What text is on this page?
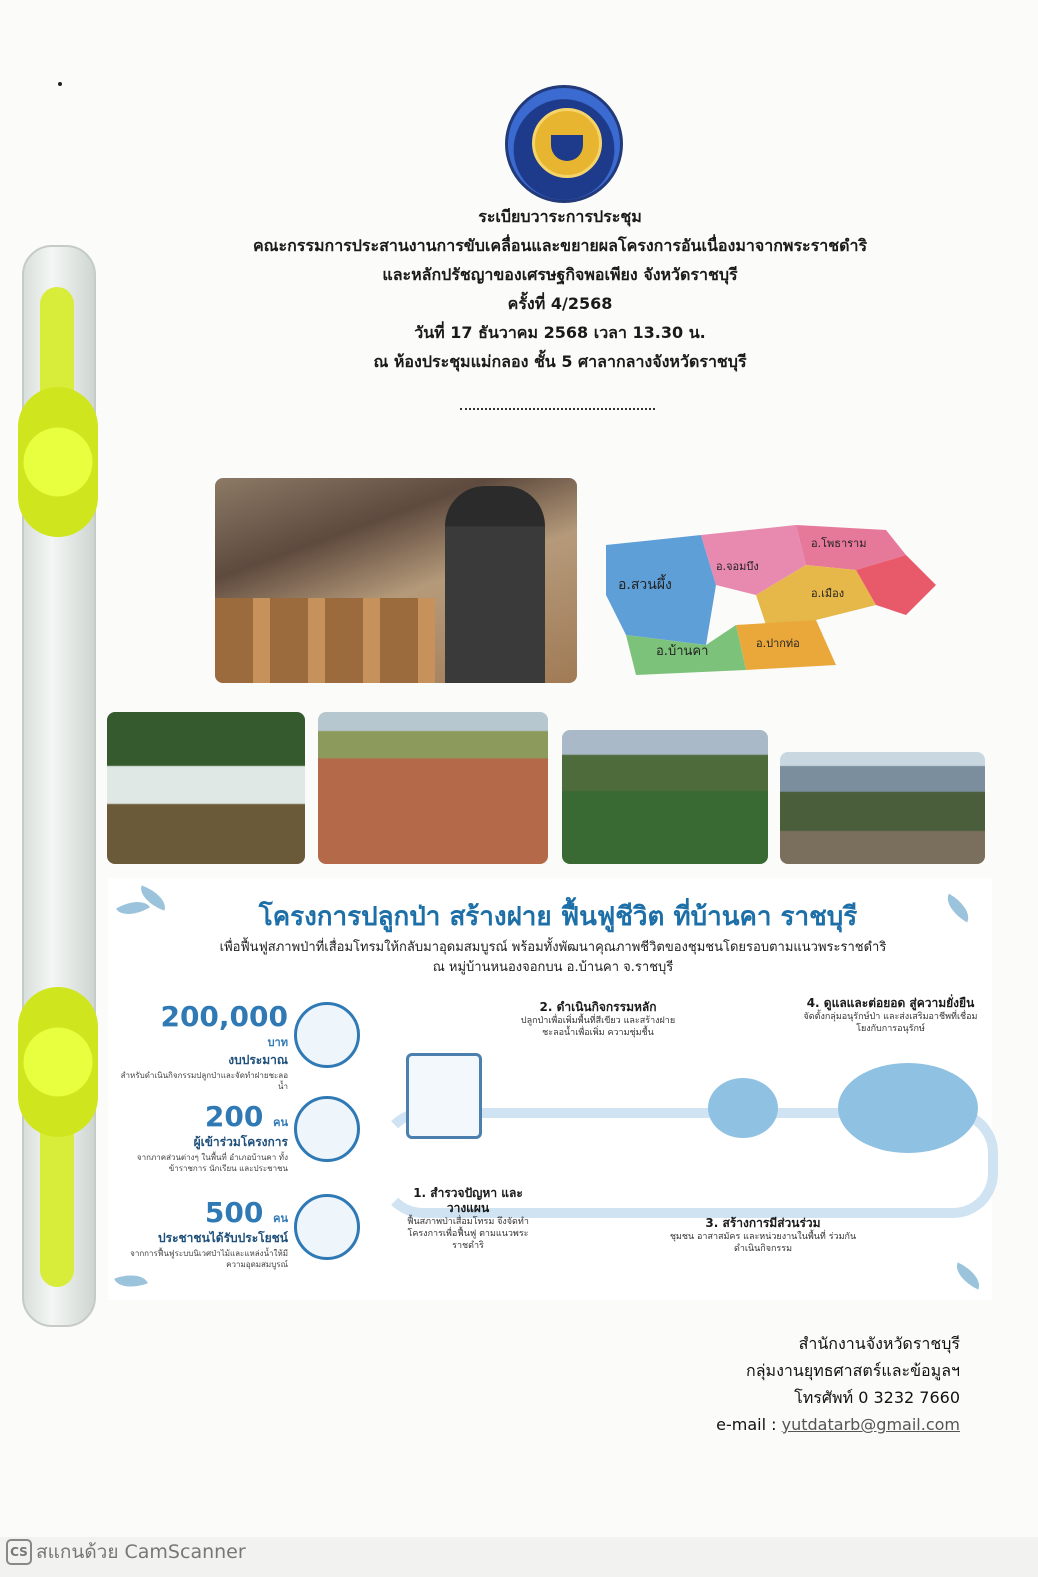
ระเบียบวาระการประชุม
คณะกรรมการประสานงานการขับเคลื่อนและขยายผลโครงการอันเนื่องมาจากพระราชดำริ
และหลักปรัชญาของเศรษฐกิจพอเพียง จังหวัดราชบุรี
ครั้งที่ 4/2568
วันที่ 17 ธันวาคม 2568 เวลา 13.30 น.
ณ ห้องประชุมแม่กลอง ชั้น 5 ศาลากลางจังหวัดราชบุรี
อ.โพธาราม
อ.จอมบึง
อ.สวนผึ้ง
อ.เมือง
อ.ปากท่อ
อ.บ้านคา
โครงการปลูกป่า สร้างฝาย ฟื้นฟูชีวิต ที่บ้านคา ราชบุรี
เพื่อฟื้นฟูสภาพป่าที่เสื่อมโทรมให้กลับมาอุดมสมบูรณ์ พร้อมทั้งพัฒนาคุณภาพชีวิตของชุมชนโดยรอบตามแนวพระราชดำริ
ณ หมู่บ้านหนองจอกบน อ.บ้านคา จ.ราชบุรี
200,000
บาท
งบประมาณ
สำหรับดำเนินกิจกรรมปลูกป่าและจัดทำฝายชะลอน้ำ
200 คน
ผู้เข้าร่วมโครงการ
จากภาคส่วนต่างๆ ในพื้นที่ อำเภอบ้านคา ทั้งข้าราชการ นักเรียน และประชาชน
500 คน
ประชาชนได้รับประโยชน์
จากการฟื้นฟูระบบนิเวศป่าไม้และแหล่งน้ำให้มีความอุดมสมบูรณ์
2. ดำเนินกิจกรรมหลัก
ปลูกป่าเพื่อเพิ่มพื้นที่สีเขียว และสร้างฝายชะลอน้ำเพื่อเพิ่ม ความชุ่มชื้น
4. ดูแลและต่อยอด สู่ความยั่งยืน
จัดตั้งกลุ่มอนุรักษ์ป่า และส่งเสริมอาชีพที่เชื่อมโยงกับการอนุรักษ์
1. สำรวจปัญหา และวางแผน
ฟื้นสภาพป่าเสื่อมโทรม จึงจัดทำโครงการเพื่อฟื้นฟู ตามแนวพระราชดำริ
3. สร้างการมีส่วนร่วม
ชุมชน อาสาสมัคร และหน่วยงานในพื้นที่ ร่วมกันดำเนินกิจกรรม
สำนักงานจังหวัดราชบุรี
กลุ่มงานยุทธศาสตร์และข้อมูลฯ
โทรศัพท์ 0 3232 7660
e-mail : yutdatarb@gmail.com
CS สแกนด้วย CamScanner
